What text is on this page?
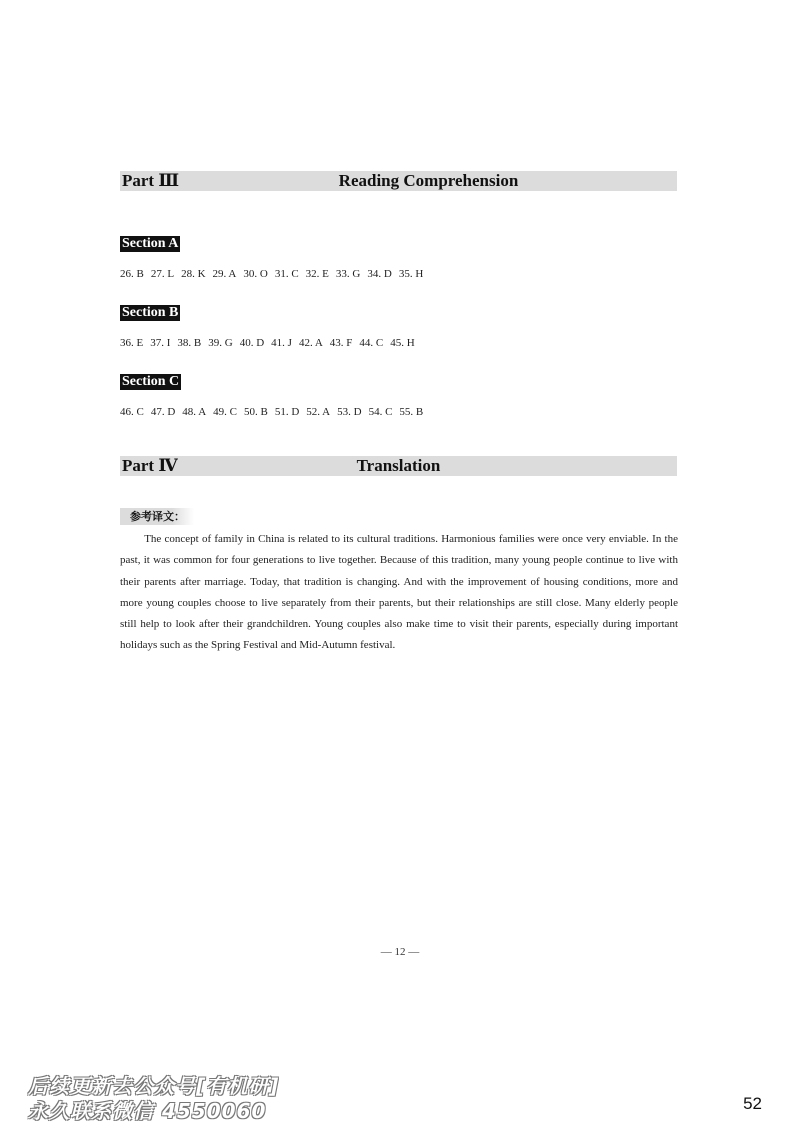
Part Ⅲ	Reading Comprehension
Section A
26. B 27. L 28. K 29. A 30. O 31. C 32. E 33. G 34. D 35. H
Section B
36. E 37. I 38. B 39. G 40. D 41. J 42. A 43. F 44. C 45. H
Section C
46. C 47. D 48. A 49. C 50. B 51. D 52. A 53. D 54. C 55. B
Part Ⅳ	Translation
参考译文：

The concept of family in China is related to its cultural traditions. Harmonious families were once very enviable. In the past, it was common for four generations to live together. Because of this tradition, many young people continue to live with their parents after marriage. Today, that tradition is changing. And with the improvement of housing conditions, more and more young couples choose to live separately from their parents, but their relationships are still close. Many elderly people still help to look after their grandchildren. Young couples also make time to visit their parents, especially during important holidays such as the Spring Festival and Mid-Autumn festival.

— 12 —
后续更新去公众号[有机研]
永久联系微信 4550060	52
